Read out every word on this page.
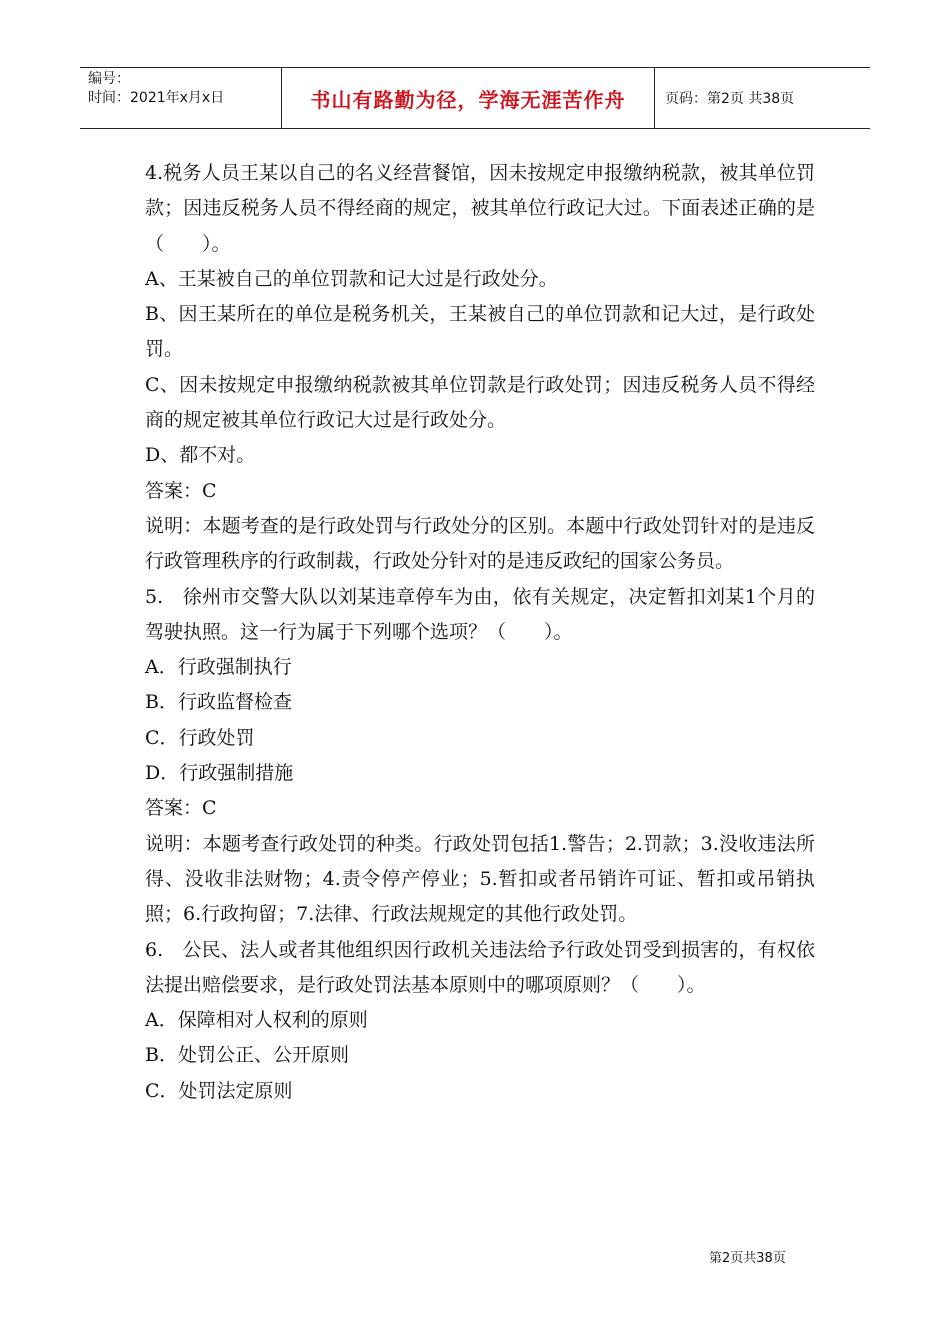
编号：
时间：2021年x月x日	书山有路勤为径，学海无涯苦作舟	页码：第2页 共38页

4.税务人员王某以自己的名义经营餐馆，因未按规定申报缴纳税款，被其单位罚款；因违反税务人员不得经商的规定，被其单位行政记大过。下面表述正确的是（　　）。

A、王某被自己的单位罚款和记大过是行政处分。

B、因王某所在的单位是税务机关，王某被自己的单位罚款和记大过，是行政处罚。

C、因未按规定申报缴纳税款被其单位罚款是行政处罚；因违反税务人员不得经商的规定被其单位行政记大过是行政处分。

D、都不对。

答案：C

说明：本题考查的是行政处罚与行政处分的区别。本题中行政处罚针对的是违反行政管理秩序的行政制裁，行政处分针对的是违反政纪的国家公务员。

5.　徐州市交警大队以刘某违章停车为由，依有关规定，决定暂扣刘某1个月的驾驶执照。这一行为属于下列哪个选项？（　　）。

A．行政强制执行

B．行政监督检查

C．行政处罚

D．行政强制措施

答案：C

说明：本题考查行政处罚的种类。行政处罚包括1.警告；2.罚款；3.没收违法所得、没收非法财物；4.责令停产停业；5.暂扣或者吊销许可证、暂扣或吊销执照；6.行政拘留；7.法律、行政法规规定的其他行政处罚。

6.　公民、法人或者其他组织因行政机关违法给予行政处罚受到损害的，有权依法提出赔偿要求，是行政处罚法基本原则中的哪项原则？（　　）。

A．保障相对人权利的原则

B．处罚公正、公开原则

C．处罚法定原则

第2页共38页
